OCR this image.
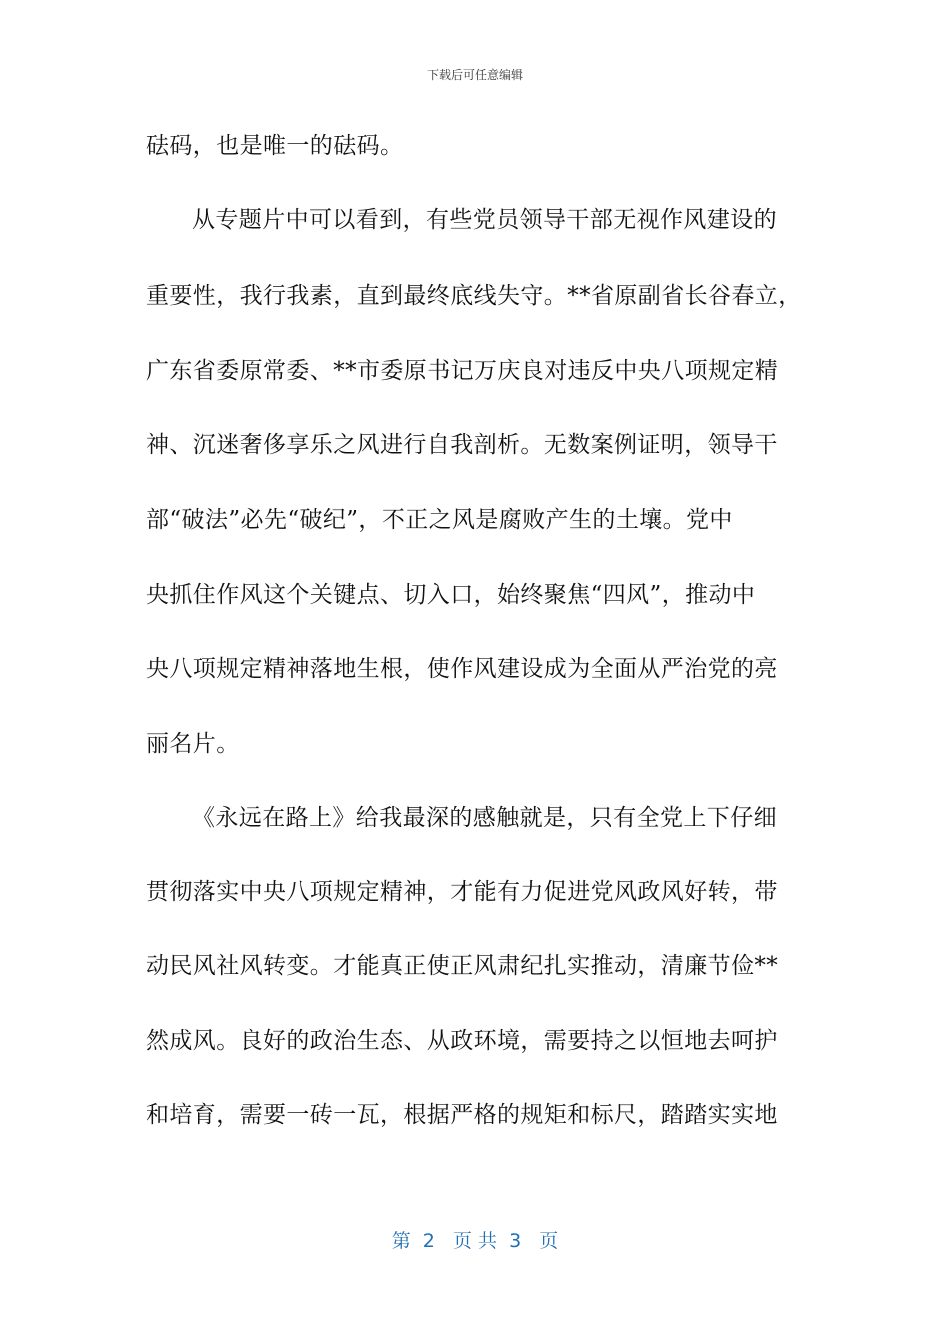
下载后可任意编辑
砝码，也是唯一的砝码。
从专题片中可以看到，有些党员领导干部无视作风建设的
重要性，我行我素，直到最终底线失守。**省原副省长谷春立，
广东省委原常委、**市委原书记万庆良对违反中央八项规定精
神、沉迷奢侈享乐之风进行自我剖析。无数案例证明，领导干
部“破法”必先“破纪”，不正之风是腐败产生的土壤。党中
央抓住作风这个关键点、切入口，始终聚焦“四风”，推动中
央八项规定精神落地生根，使作风建设成为全面从严治党的亮
丽名片。
《永远在路上》给我最深的感触就是，只有全党上下仔细
贯彻落实中央八项规定精神，才能有力促进党风政风好转，带
动民风社风转变。才能真正使正风肃纪扎实推动，清廉节俭**
然成风。良好的政治生态、从政环境，需要持之以恒地去呵护
和培育，需要一砖一瓦，根据严格的规矩和标尺，踏踏实实地
第  2   页 共  3   页
